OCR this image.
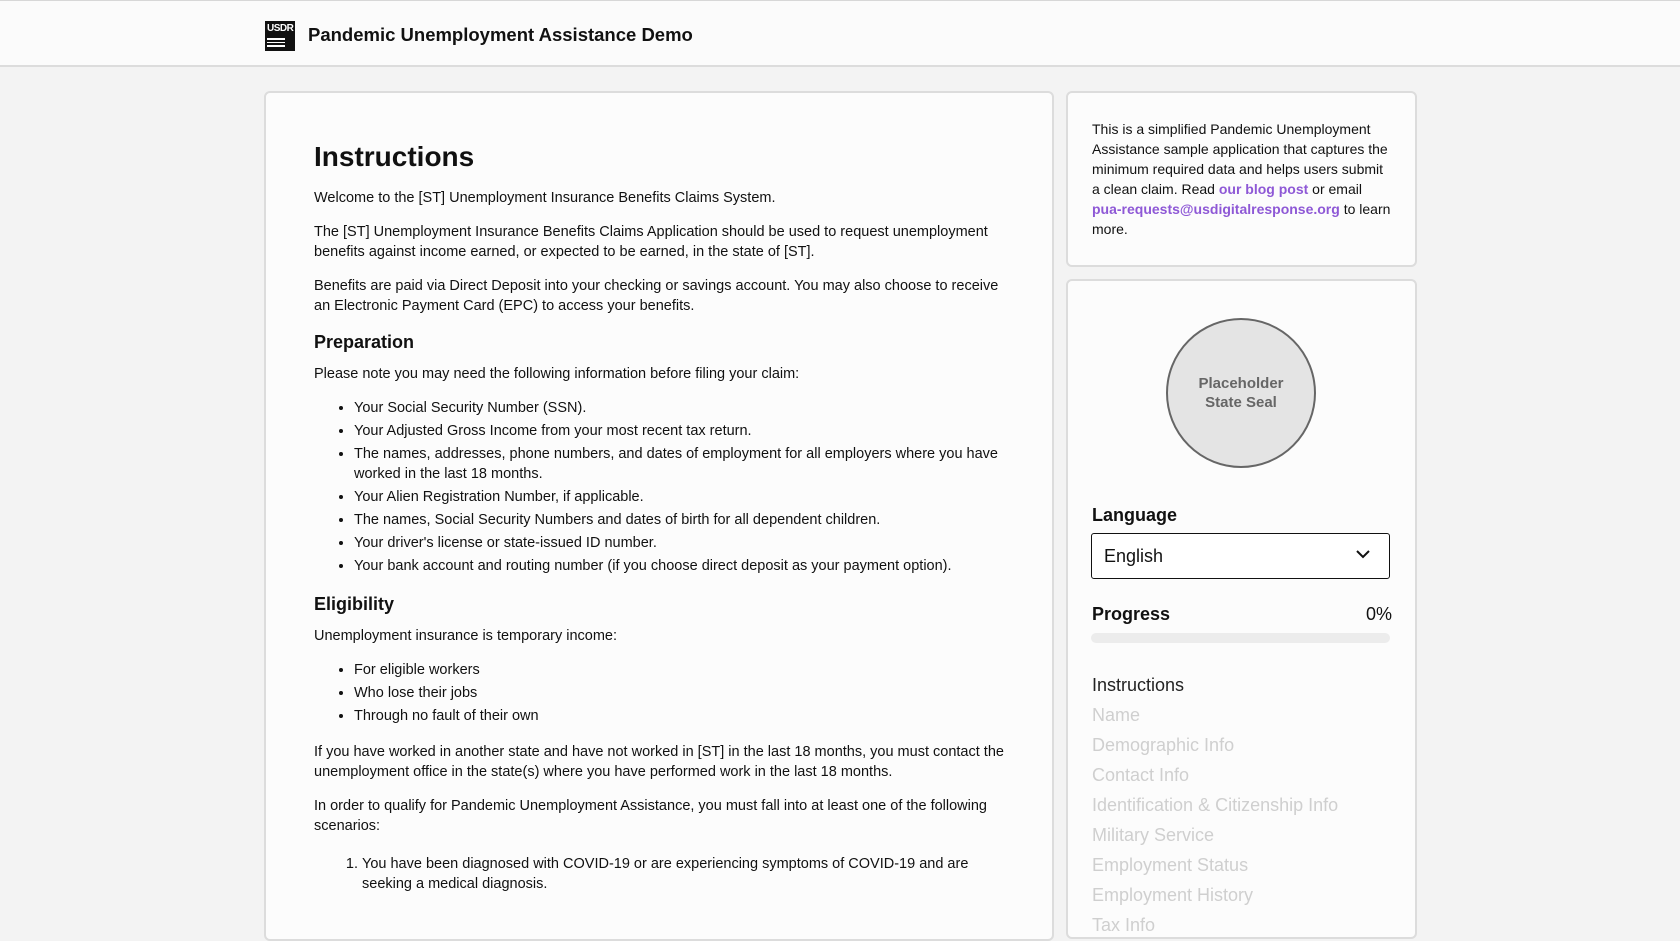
USDR Pandemic Unemployment Assistance Demo
Instructions

Welcome to the [ST] Unemployment Insurance Benefits Claims System.

The [ST] Unemployment Insurance Benefits Claims Application should be used to request unemployment benefits against income earned, or expected to be earned, in the state of [ST].

Benefits are paid via Direct Deposit into your checking or savings account. You may also choose to receive an Electronic Payment Card (EPC) to access your benefits.

Preparation

Please note you may need the following information before filing your claim:

• Your Social Security Number (SSN).
• Your Adjusted Gross Income from your most recent tax return.
• The names, addresses, phone numbers, and dates of employment for all employers where you have worked in the last 18 months.
• Your Alien Registration Number, if applicable.
• The names, Social Security Numbers and dates of birth for all dependent children.
• Your driver's license or state-issued ID number.
• Your bank account and routing number (if you choose direct deposit as your payment option).
Eligibility

Unemployment insurance is temporary income:

• For eligible workers
• Who lose their jobs
• Through no fault of their own

If you have worked in another state and have not worked in [ST] in the last 18 months, you must contact the unemployment office in the state(s) where you have performed work in the last 18 months.

In order to qualify for Pandemic Unemployment Assistance, you must fall into at least one of the following scenarios:

1. You have been diagnosed with COVID-19 or are experiencing symptoms of COVID-19 and are seeking a medical diagnosis.
This is a simplified Pandemic Unemployment Assistance sample application that captures the minimum required data and helps users submit a clean claim. Read our blog post or email pua-requests@usdigitalresponse.org to learn more.
Placeholder State Seal
Language
English
Progress	0%
Instructions
Name
Demographic Info
Contact Info
Identification & Citizenship Info
Military Service
Employment Status
Employment History
Tax Info
